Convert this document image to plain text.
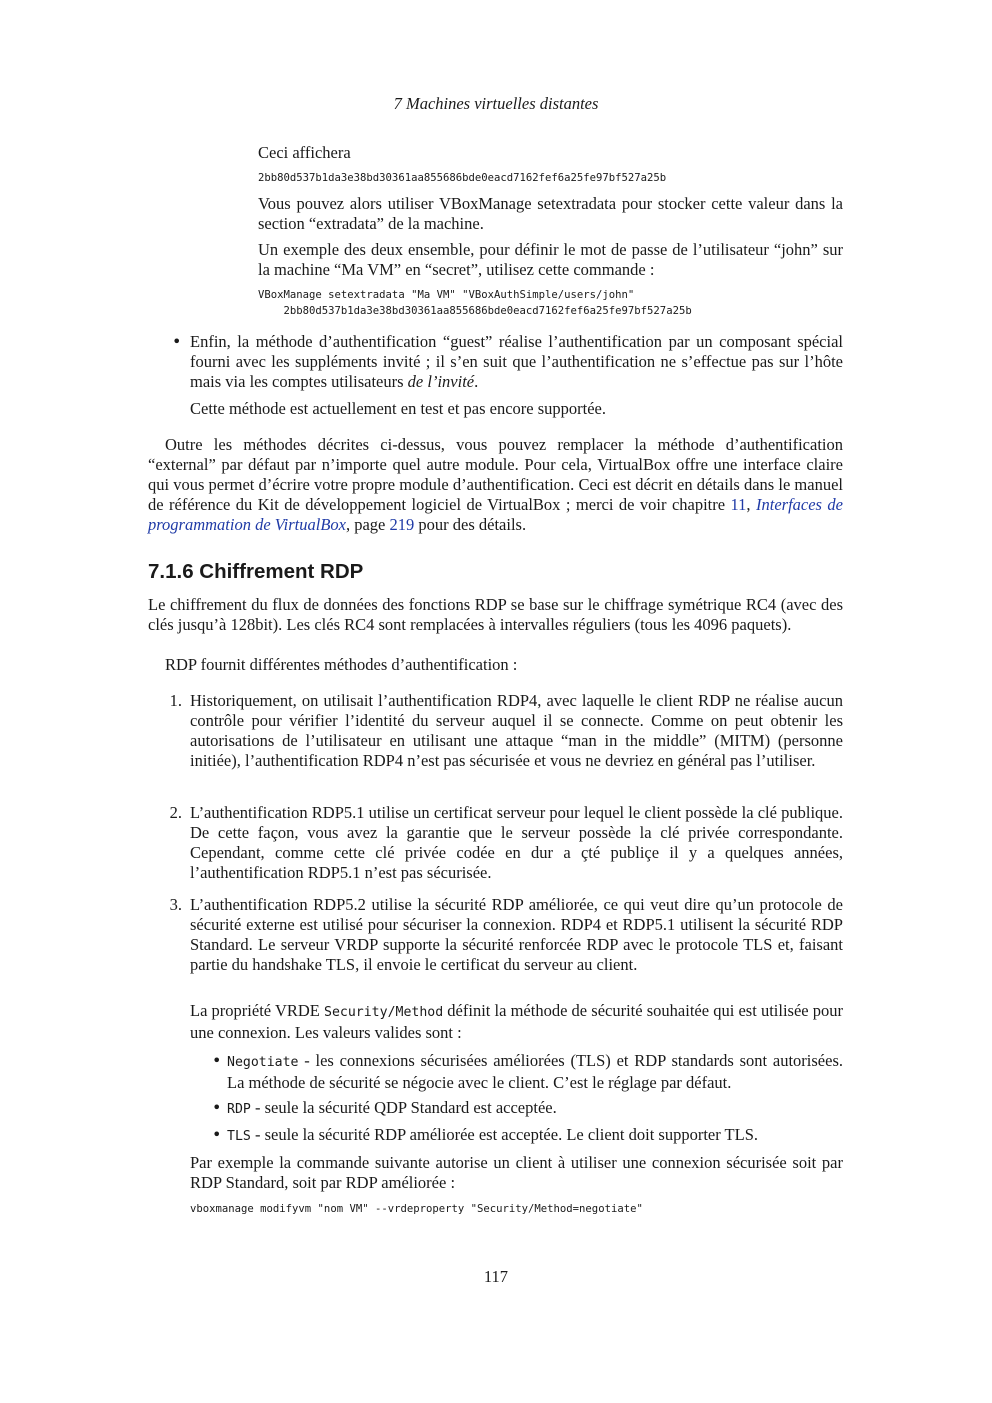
7 Machines virtuelles distantes
Ceci affichera
2bb80d537b1da3e38bd30361aa855686bde0eacd7162fef6a25fe97bf527a25b
Vous pouvez alors utiliser VBoxManage setextradata pour stocker cette valeur dans la section “extradata” de la machine.
Un exemple des deux ensemble, pour définir le mot de passe de l’utilisateur “john” sur la machine “Ma VM” en “secret”, utilisez cette commande :
VBoxManage setextradata "Ma VM" "VBoxAuthSimple/users/john"
2bb80d537b1da3e38bd30361aa855686bde0eacd7162fef6a25fe97bf527a25b
• Enfin, la méthode d’authentification “guest” réalise l’authentification par un composant spécial fourni avec les suppléments invité ; il s’en suit que l’authentification ne s’effectue pas sur l’hôte mais via les comptes utilisateurs de l’invité.
Cette méthode est actuellement en test et pas encore supportée.
Outre les méthodes décrites ci-dessus, vous pouvez remplacer la méthode d’authentification “external” par défaut par n’importe quel autre module. Pour cela, VirtualBox offre une interface claire qui vous permet d’écrire votre propre module d’authentification. Ceci est décrit en détails dans le manuel de référence du Kit de développement logiciel de VirtualBox ; merci de voir chapitre 11, Interfaces de programmation de VirtualBox, page 219 pour des détails.
7.1.6 Chiffrement RDP
Le chiffrement du flux de données des fonctions RDP se base sur le chiffrage symétrique RC4 (avec des clés jusqu’à 128bit). Les clés RC4 sont remplacées à intervalles réguliers (tous les 4096 paquets).
RDP fournit différentes méthodes d’authentification :
1. Historiquement, on utilisait l’authentification RDP4, avec laquelle le client RDP ne réalise aucun contrôle pour vérifier l’identité du serveur auquel il se connecte. Comme on peut obtenir les autorisations de l’utilisateur en utilisant une attaque “man in the middle” (MITM) (personne initiée), l’authentification RDP4 n’est pas sécurisée et vous ne devriez en général pas l’utiliser.
2. L’authentification RDP5.1 utilise un certificat serveur pour lequel le client possède la clé publique. De cette façon, vous avez la garantie que le serveur possède la clé privée correspondante. Cependant, comme cette clé privée codée en dur a çté publiçe il y a quelques années, l’authentification RDP5.1 n’est pas sécurisée.
3. L’authentification RDP5.2 utilise la sécurité RDP améliorée, ce qui veut dire qu’un protocole de sécurité externe est utilisé pour sécuriser la connexion. RDP4 et RDP5.1 utilisent la sécurité RDP Standard. Le serveur VRDP supporte la sécurité renforcée RDP avec le protocole TLS et, faisant partie du handshake TLS, il envoie le certificat du serveur au client.
La propriété VRDE Security/Method définit la méthode de sécurité souhaitée qui est utilisée pour une connexion. Les valeurs valides sont :
• Negotiate - les connexions sécurisées améliorées (TLS) et RDP standards sont autorisées. La méthode de sécurité se négocie avec le client. C’est le réglage par défaut.
• RDP - seule la sécurité QDP Standard est acceptée.
• TLS - seule la sécurité RDP améliorée est acceptée. Le client doit supporter TLS.
Par exemple la commande suivante autorise un client à utiliser une connexion sécurisée soit par RDP Standard, soit par RDP améliorée :
vboxmanage modifyvm "nom VM" --vrdeproperty "Security/Method=negotiate"
117
